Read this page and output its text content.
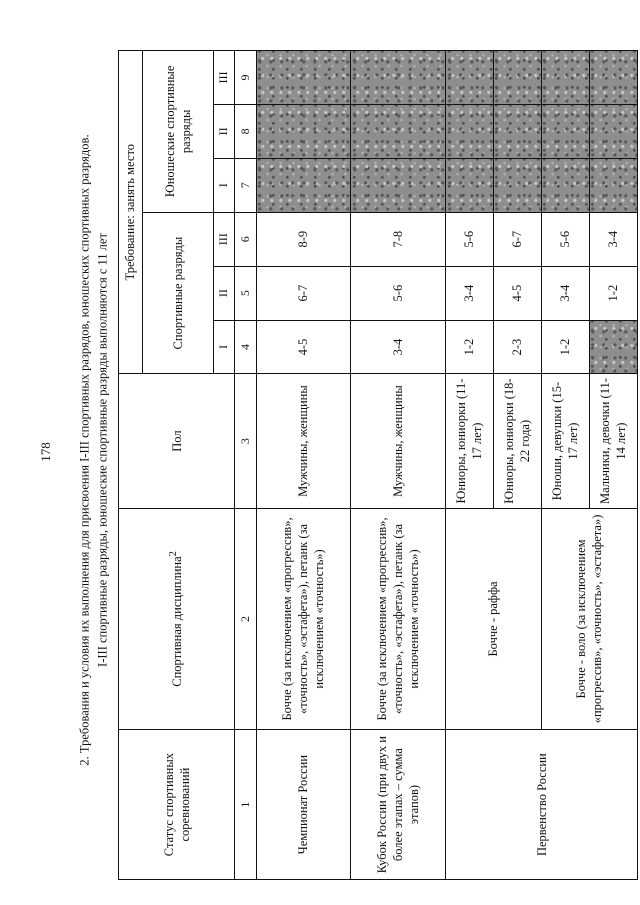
178 2. Требования и условия их выполнения для присвоения I-III спортивных разрядов, юношеских спортивных разрядов. I-III спортивные разряды, юношеские спортивные разряды выполняются с 11 лет
Статус спортивных соревнований	Спортивная дисциплина$^2$	Пол	Требование: занять место					
			Спортивные разряды			Юношеские спортивные разряды		
			I	II	III	I	II	III
1	2	3	4	5	6	7	8	9
Чемпионат России	Бочче (за исключением «прогрессив», «точность», «эстафета»), петанк (за исключением «точность»)	Мужчины, женщины	4-5	6-7	8-9			
Кубок России (при двух и более этапах – сумма этапов)	Бочче (за исключением «прогрессив», «точность», «эстафета»), петанк (за исключением «точность»)	Мужчины, женщины	3-4	5-6	7-8			
Первенство России	Бочче - раффа	Юниоры, юниорки (11-17 лет)	1-2	3-4	5-6			
		Юниоры, юниорки (18-22 года)	2-3	4-5	6-7			
	Бочче - воло (за исключением «прогрессив», «точность», «эстафета»)	Юноши, девушки (15-17 лет)	1-2	3-4	5-6			
		Мальчики, девочки (11-14 лет)		1-2	3-4			
